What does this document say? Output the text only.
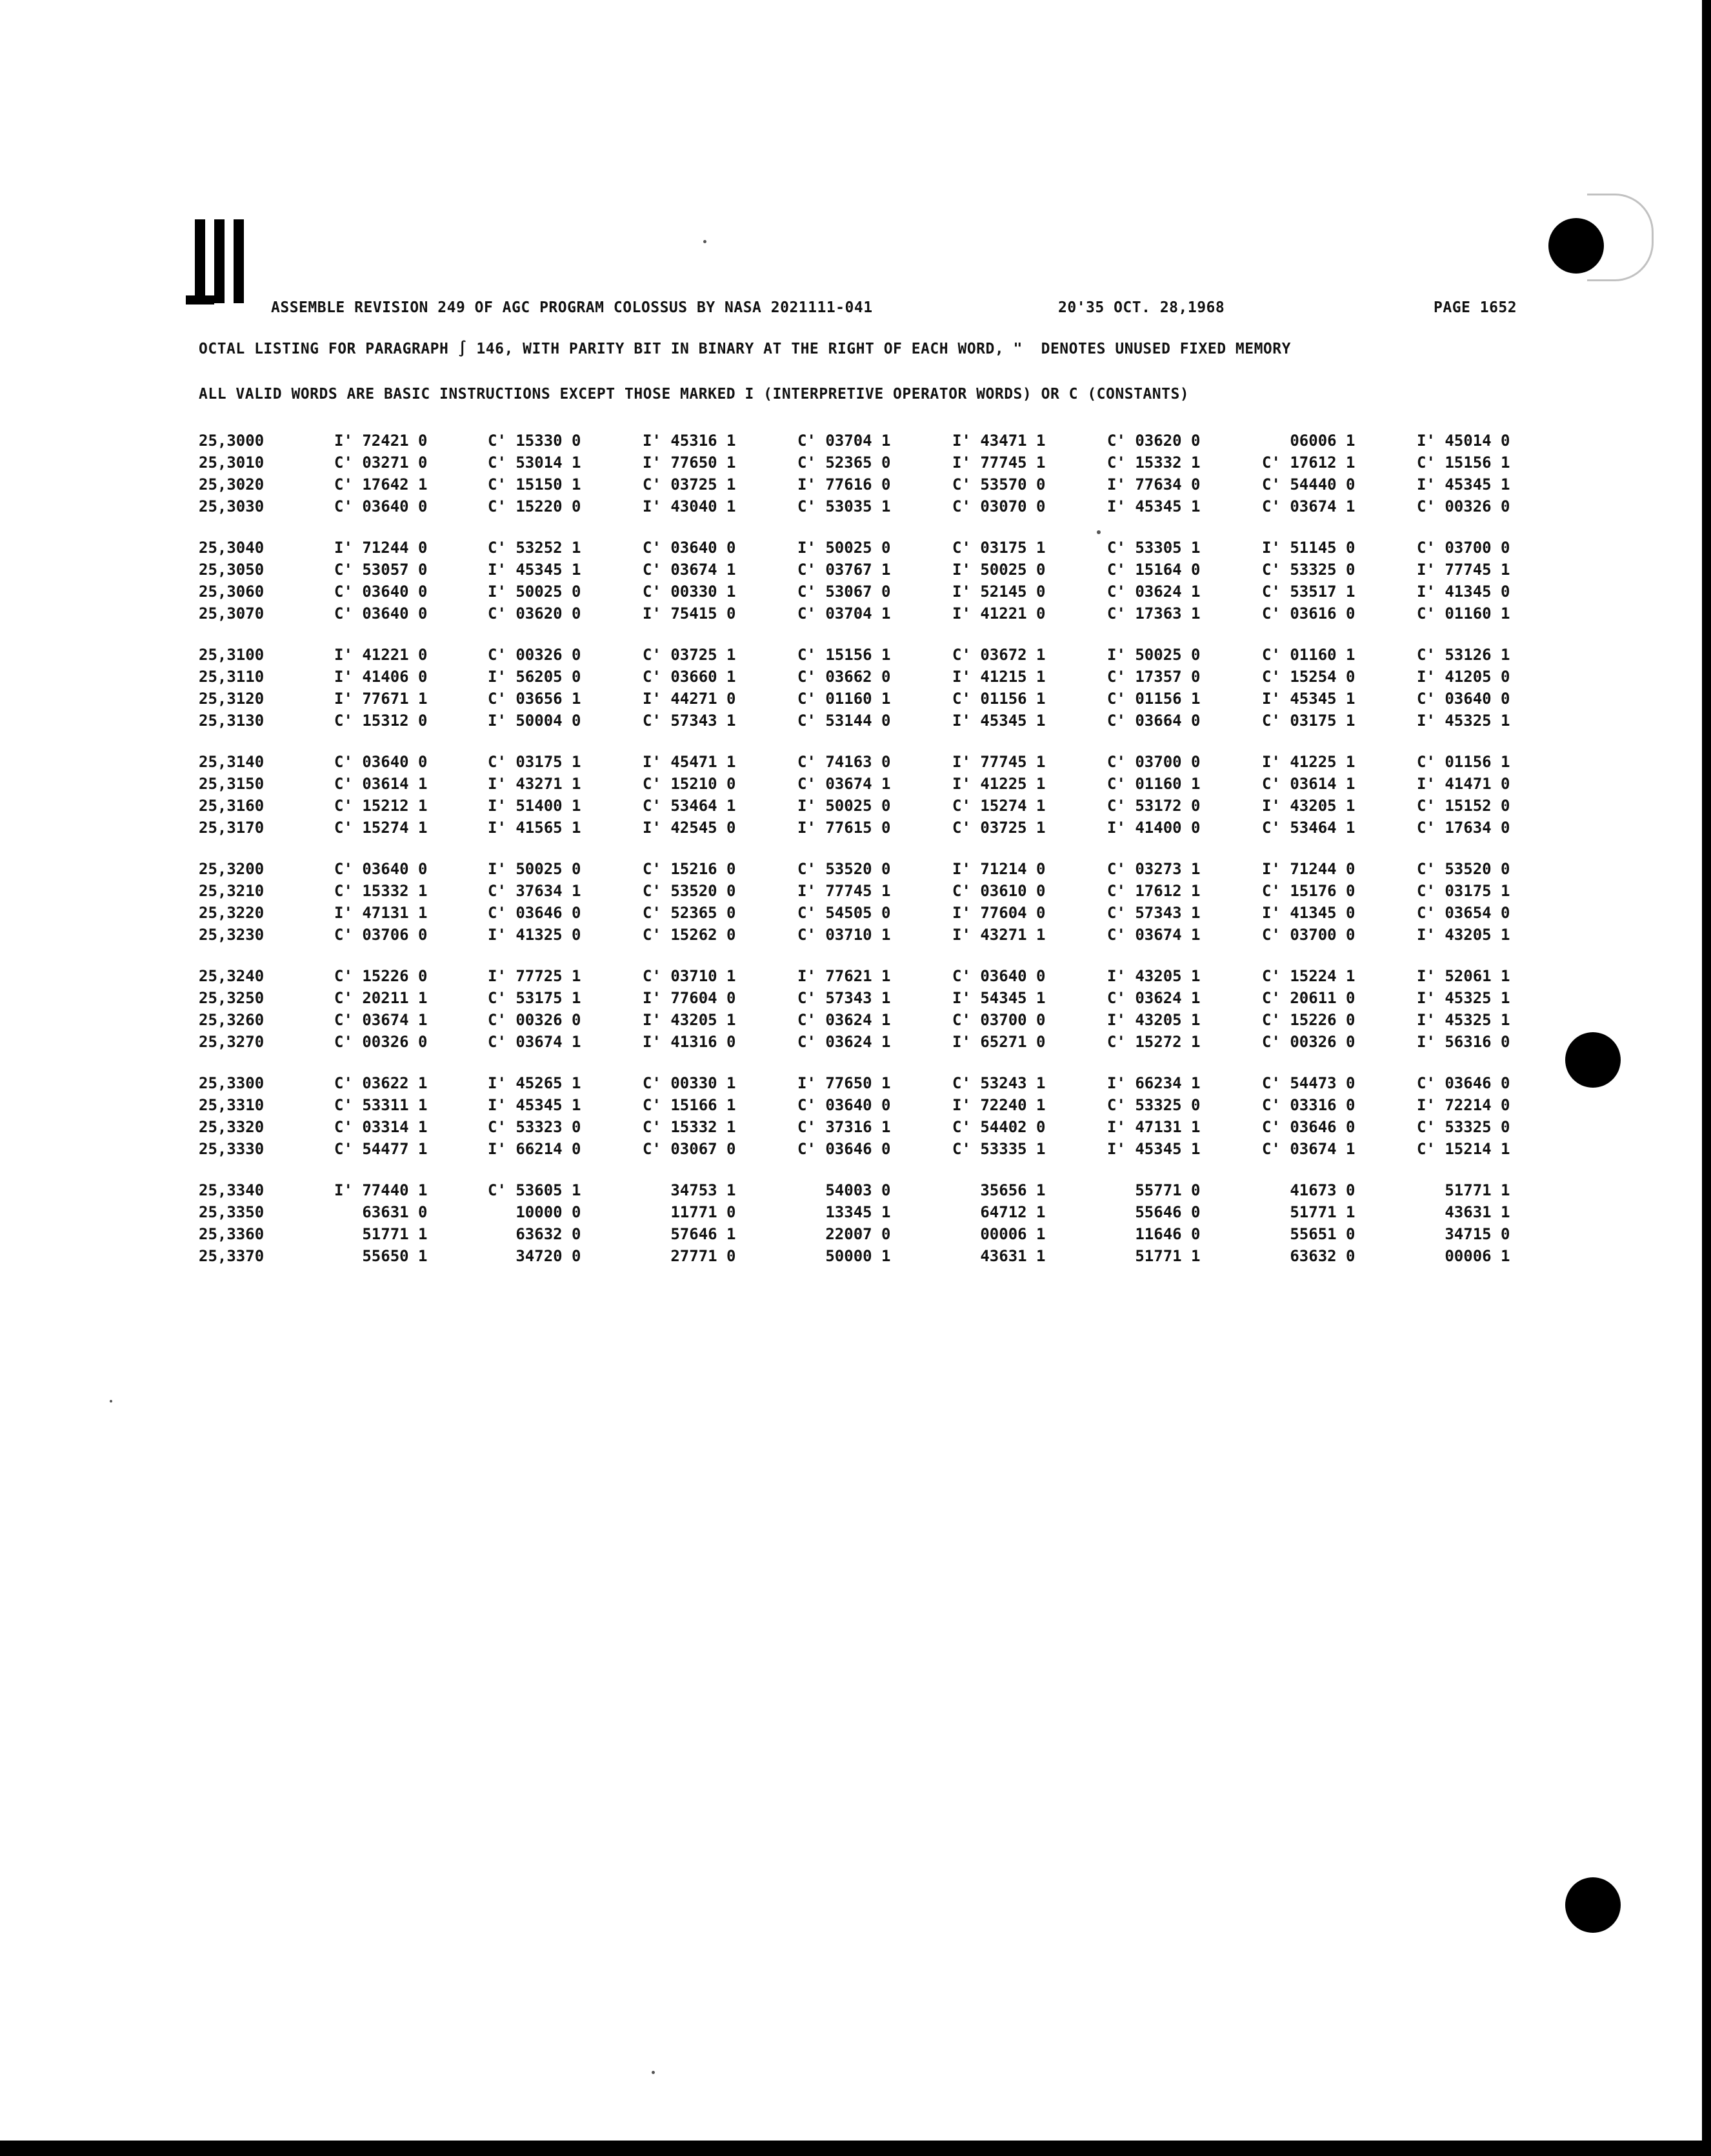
ASSEMBLE REVISION 249 OF AGC PROGRAM COLOSSUS BY NASA 2021111-041	20'35 OCT. 28,1968	PAGE 1652
OCTAL LISTING FOR PARAGRAPH ∫ 146, WITH PARITY BIT IN BINARY AT THE RIGHT OF EACH WORD, "  DENOTES UNUSED FIXED MEMORY
ALL VALID WORDS ARE BASIC INSTRUCTIONS EXCEPT THOSE MARKED I (INTERPRETIVE OPERATOR WORDS) OR C (CONSTANTS)
25,3000	I' 72421 0	C' 15330 0	I' 45316 1	C' 03704 1	I' 43471 1	C' 03620 0	06006 1	I' 45014 0
25,3010	C' 03271 0	C' 53014 1	I' 77650 1	C' 52365 0	I' 77745 1	C' 15332 1	C' 17612 1	C' 15156 1
25,3020	C' 17642 1	C' 15150 1	C' 03725 1	I' 77616 0	C' 53570 0	I' 77634 0	C' 54440 0	I' 45345 1
25,3030	C' 03640 0	C' 15220 0	I' 43040 1	C' 53035 1	C' 03070 0	I' 45345 1	C' 03674 1	C' 00326 0
25,3040	I' 71244 0	C' 53252 1	C' 03640 0	I' 50025 0	C' 03175 1	C' 53305 1	I' 51145 0	C' 03700 0
25,3050	C' 53057 0	I' 45345 1	C' 03674 1	C' 03767 1	I' 50025 0	C' 15164 0	C' 53325 0	I' 77745 1
25,3060	C' 03640 0	I' 50025 0	C' 00330 1	C' 53067 0	I' 52145 0	C' 03624 1	C' 53517 1	I' 41345 0
25,3070	C' 03640 0	C' 03620 0	I' 75415 0	C' 03704 1	I' 41221 0	C' 17363 1	C' 03616 0	C' 01160 1
25,3100	I' 41221 0	C' 00326 0	C' 03725 1	C' 15156 1	C' 03672 1	I' 50025 0	C' 01160 1	C' 53126 1
25,3110	I' 41406 0	I' 56205 0	C' 03660 1	C' 03662 0	I' 41215 1	C' 17357 0	C' 15254 0	I' 41205 0
25,3120	I' 77671 1	C' 03656 1	I' 44271 0	C' 01160 1	C' 01156 1	C' 01156 1	I' 45345 1	C' 03640 0
25,3130	C' 15312 0	I' 50004 0	C' 57343 1	C' 53144 0	I' 45345 1	C' 03664 0	C' 03175 1	I' 45325 1
25,3140	C' 03640 0	C' 03175 1	I' 45471 1	C' 74163 0	I' 77745 1	C' 03700 0	I' 41225 1	C' 01156 1
25,3150	C' 03614 1	I' 43271 1	C' 15210 0	C' 03674 1	I' 41225 1	C' 01160 1	C' 03614 1	I' 41471 0
25,3160	C' 15212 1	I' 51400 1	C' 53464 1	I' 50025 0	C' 15274 1	C' 53172 0	I' 43205 1	C' 15152 0
25,3170	C' 15274 1	I' 41565 1	I' 42545 0	I' 77615 0	C' 03725 1	I' 41400 0	C' 53464 1	C' 17634 0
25,3200	C' 03640 0	I' 50025 0	C' 15216 0	C' 53520 0	I' 71214 0	C' 03273 1	I' 71244 0	C' 53520 0
25,3210	C' 15332 1	C' 37634 1	C' 53520 0	I' 77745 1	C' 03610 0	C' 17612 1	C' 15176 0	C' 03175 1
25,3220	I' 47131 1	C' 03646 0	C' 52365 0	C' 54505 0	I' 77604 0	C' 57343 1	I' 41345 0	C' 03654 0
25,3230	C' 03706 0	I' 41325 0	C' 15262 0	C' 03710 1	I' 43271 1	C' 03674 1	C' 03700 0	I' 43205 1
25,3240	C' 15226 0	I' 77725 1	C' 03710 1	I' 77621 1	C' 03640 0	I' 43205 1	C' 15224 1	I' 52061 1
25,3250	C' 20211 1	C' 53175 1	I' 77604 0	C' 57343 1	I' 54345 1	C' 03624 1	C' 20611 0	I' 45325 1
25,3260	C' 03674 1	C' 00326 0	I' 43205 1	C' 03624 1	C' 03700 0	I' 43205 1	C' 15226 0	I' 45325 1
25,3270	C' 00326 0	C' 03674 1	I' 41316 0	C' 03624 1	I' 65271 0	C' 15272 1	C' 00326 0	I' 56316 0
25,3300	C' 03622 1	I' 45265 1	C' 00330 1	I' 77650 1	C' 53243 1	I' 66234 1	C' 54473 0	C' 03646 0
25,3310	C' 53311 1	I' 45345 1	C' 15166 1	C' 03640 0	I' 72240 1	C' 53325 0	C' 03316 0	I' 72214 0
25,3320	C' 03314 1	C' 53323 0	C' 15332 1	C' 37316 1	C' 54402 0	I' 47131 1	C' 03646 0	C' 53325 0
25,3330	C' 54477 1	I' 66214 0	C' 03067 0	C' 03646 0	C' 53335 1	I' 45345 1	C' 03674 1	C' 15214 1
25,3340	I' 77440 1	C' 53605 1	34753 1	54003 0	35656 1	55771 0	41673 0	51771 1
25,3350	63631 0	10000 0	11771 0	13345 1	64712 1	55646 0	51771 1	43631 1
25,3360	51771 1	63632 0	57646 1	22007 0	00006 1	11646 0	55651 0	34715 0
25,3370	55650 1	34720 0	27771 0	50000 1	43631 1	51771 1	63632 0	00006 1
